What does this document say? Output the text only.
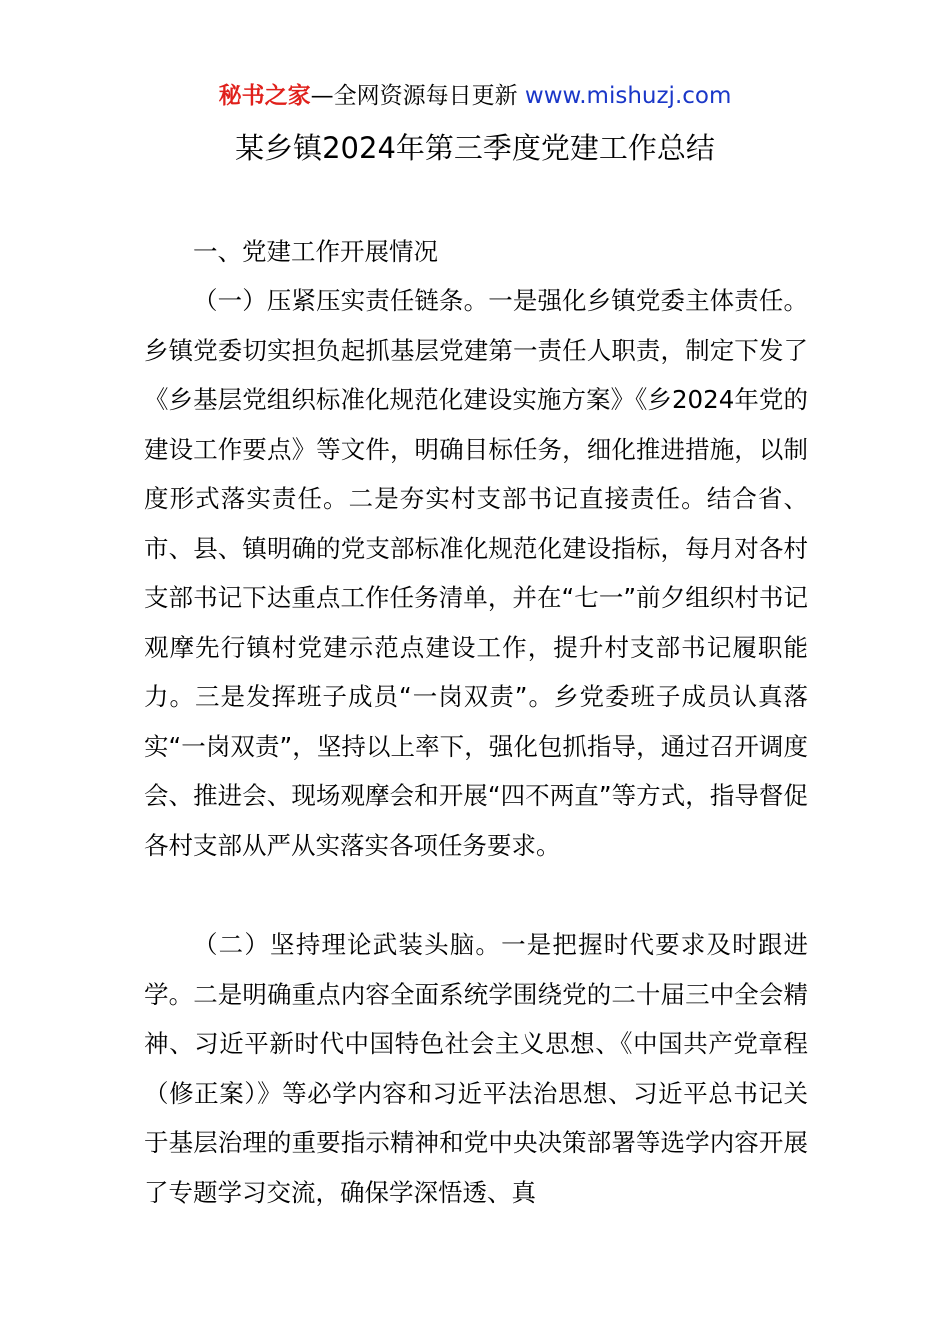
秘书之家—全网资源每日更新 www.mishuzj.com
某乡镇2024年第三季度党建工作总结
一、党建工作开展情况

（一）压紧压实责任链条。一是强化乡镇党委主体责任。乡镇党委切实担负起抓基层党建第一责任人职责，制定下发了《乡基层党组织标准化规范化建设实施方案》《乡2024年党的建设工作要点》等文件，明确目标任务，细化推进措施，以制度形式落实责任。二是夯实村支部书记直接责任。结合省、市、县、镇明确的党支部标准化规范化建设指标，每月对各村支部书记下达重点工作任务清单，并在“七一”前夕组织村书记观摩先行镇村党建示范点建设工作，提升村支部书记履职能力。三是发挥班子成员“一岗双责”。乡党委班子成员认真落实“一岗双责”，坚持以上率下，强化包抓指导，通过召开调度会、推进会、现场观摩会和开展“四不两直”等方式，指导督促各村支部从严从实落实各项任务要求。

（二）坚持理论武装头脑。一是把握时代要求及时跟进学。二是明确重点内容全面系统学围绕党的二十届三中全会精神、习近平新时代中国特色社会主义思想、《中国共产党章程（修正案）》等必学内容和习近平法治思想、习近平总书记关于基层治理的重要指示精神和党中央决策部署等选学内容开展了专题学习交流，确保学深悟透、真
